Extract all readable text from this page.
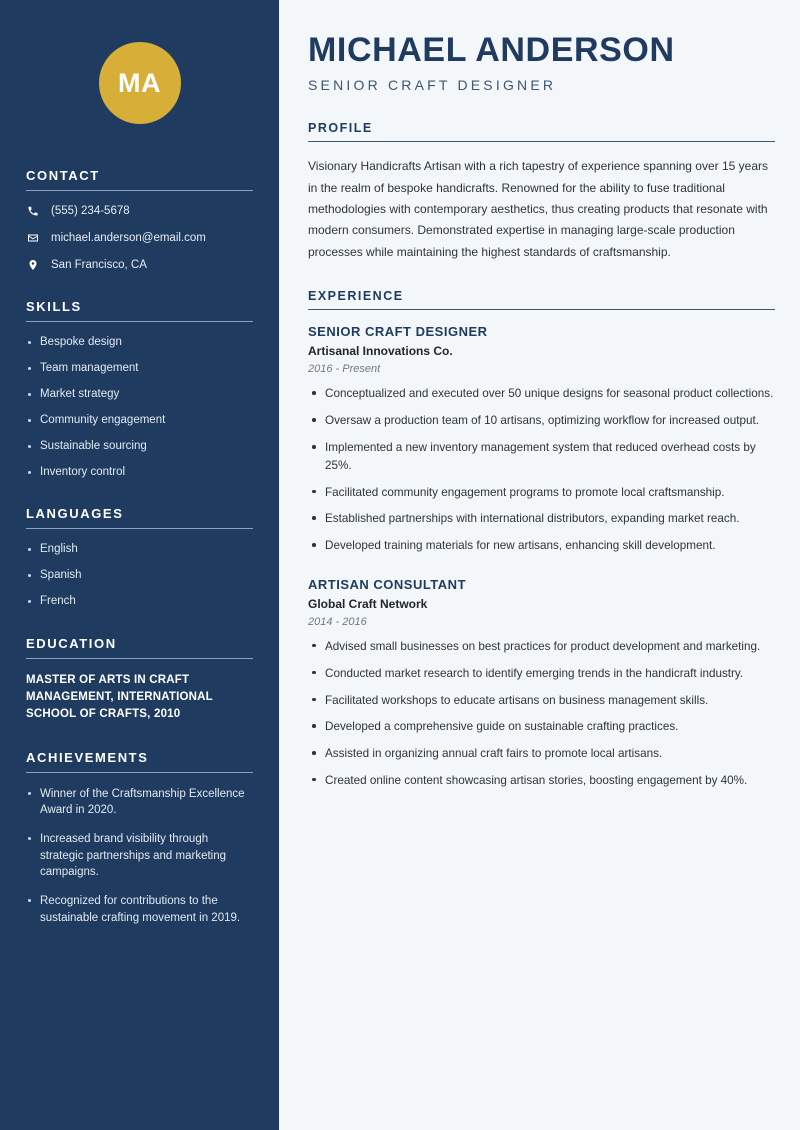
MA
CONTACT
(555) 234-5678
michael.anderson@email.com
San Francisco, CA
SKILLS
Bespoke design
Team management
Market strategy
Community engagement
Sustainable sourcing
Inventory control
LANGUAGES
English
Spanish
French
EDUCATION
MASTER OF ARTS IN CRAFT MANAGEMENT, INTERNATIONAL SCHOOL OF CRAFTS, 2010
ACHIEVEMENTS
Winner of the Craftsmanship Excellence Award in 2020.
Increased brand visibility through strategic partnerships and marketing campaigns.
Recognized for contributions to the sustainable crafting movement in 2019.
MICHAEL ANDERSON
SENIOR CRAFT DESIGNER
PROFILE

Visionary Handicrafts Artisan with a rich tapestry of experience spanning over 15 years in the realm of bespoke handicrafts. Renowned for the ability to fuse traditional methodologies with contemporary aesthetics, thus creating products that resonate with modern consumers. Demonstrated expertise in managing large-scale production processes while maintaining the highest standards of craftsmanship.

EXPERIENCE
SENIOR CRAFT DESIGNER
Artisanal Innovations Co.
2016 - Present
Conceptualized and executed over 50 unique designs for seasonal product collections.
Oversaw a production team of 10 artisans, optimizing workflow for increased output.
Implemented a new inventory management system that reduced overhead costs by 25%.
Facilitated community engagement programs to promote local craftsmanship.
Established partnerships with international distributors, expanding market reach.
Developed training materials for new artisans, enhancing skill development.
ARTISAN CONSULTANT
Global Craft Network
2014 - 2016
Advised small businesses on best practices for product development and marketing.
Conducted market research to identify emerging trends in the handicraft industry.
Facilitated workshops to educate artisans on business management skills.
Developed a comprehensive guide on sustainable crafting practices.
Assisted in organizing annual craft fairs to promote local artisans.
Created online content showcasing artisan stories, boosting engagement by 40%.
